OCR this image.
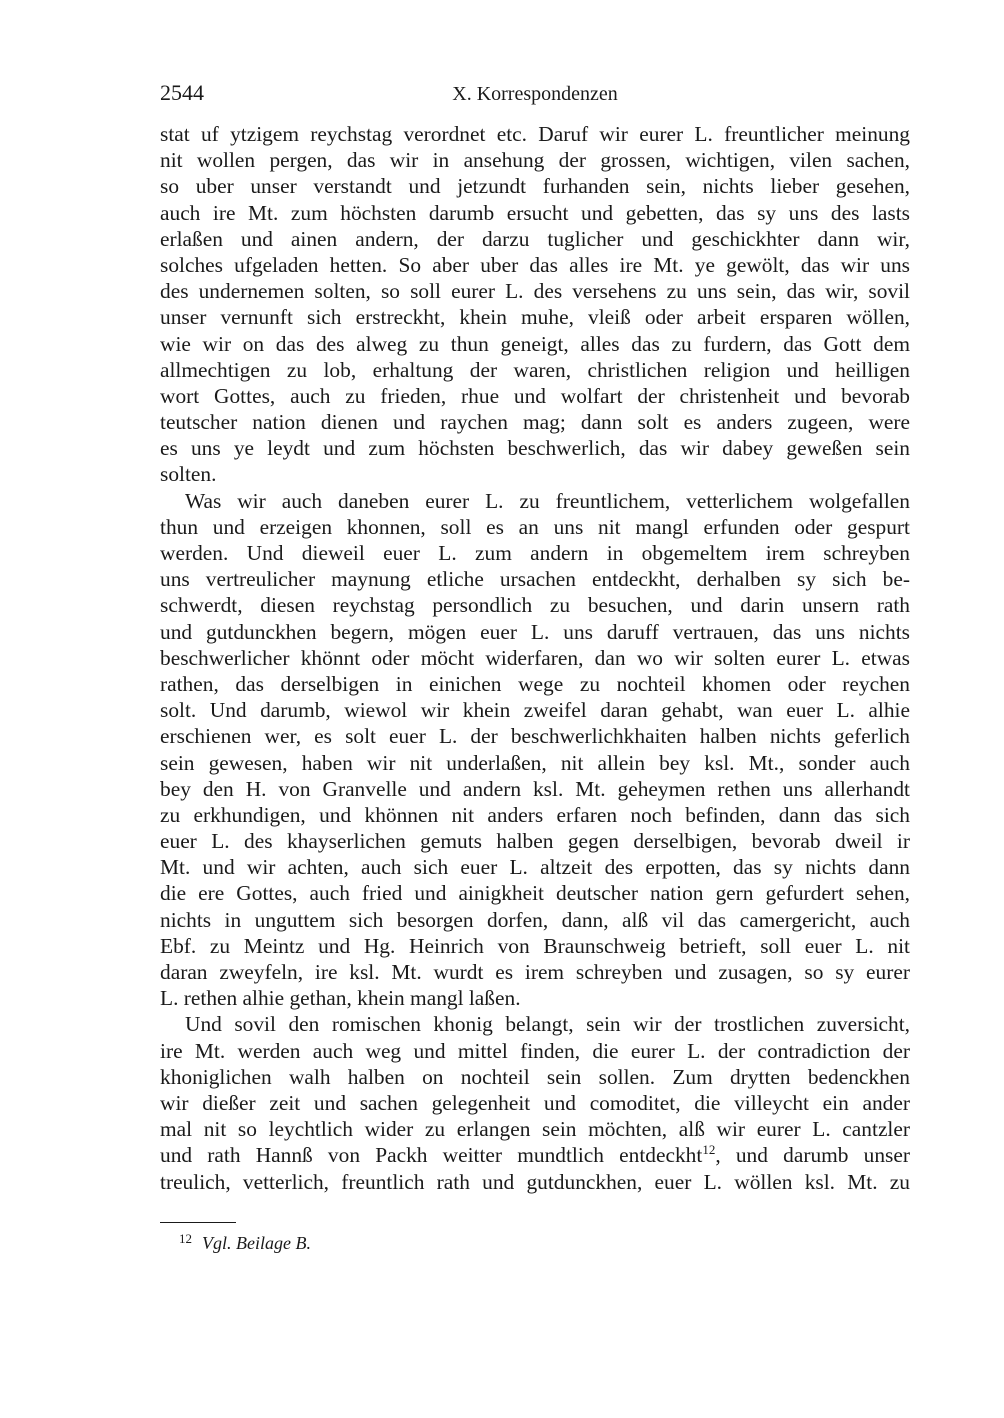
2544	X. Korrespondenzen
stat uf ytzigem reychstag verordnet etc. Daruf wir eurer L. freuntlicher meinung
nit wollen pergen, das wir in ansehung der grossen, wichtigen, vilen sachen,
so uber unser verstandt und jetzundt furhanden sein, nichts lieber gesehen,
auch ire Mt. zum höchsten darumb ersucht und gebetten, das sy uns des lasts
erlaßen und ainen andern, der darzu tuglicher und geschickhter dann wir,
solches ufgeladen hetten. So aber uber das alles ire Mt. ye gewölt, das wir uns
des undernemen solten, so soll eurer L. des versehens zu uns sein, das wir, sovil
unser vernunft sich erstreckht, khein muhe, vleiß oder arbeit ersparen wöllen,
wie wir on das des alweg zu thun geneigt, alles das zu furdern, das Gott dem
allmechtigen zu lob, erhaltung der waren, christlichen religion und heilligen
wort Gottes, auch zu frieden, rhue und wolfart der christenheit und bevorab
teutscher nation dienen und raychen mag; dann solt es anders zugeen, were
es uns ye leydt und zum höchsten beschwerlich, das wir dabey geweßen sein
solten.
Was wir auch daneben eurer L. zu freuntlichem, vetterlichem wolgefallen
thun und erzeigen khonnen, soll es an uns nit mangl erfunden oder gespurt
werden. Und dieweil euer L. zum andern in obgemeltem irem schreyben
uns vertreulicher maynung etliche ursachen entdeckht, derhalben sy sich be-
schwerdt, diesen reychstag persondlich zu besuchen, und darin unsern rath
und gutdunckhen begern, mögen euer L. uns daruff vertrauen, das uns nichts
beschwerlicher khönnt oder möcht widerfaren, dan wo wir solten eurer L. etwas
rathen, das derselbigen in einichen wege zu nochteil khomen oder reychen
solt. Und darumb, wiewol wir khein zweifel daran gehabt, wan euer L. alhie
erschienen wer, es solt euer L. der beschwerlichkhaiten halben nichts geferlich
sein gewesen, haben wir nit underlaßen, nit allein bey ksl. Mt., sonder auch
bey den H. von Granvelle und andern ksl. Mt. geheymen rethen uns allerhandt
zu erkhundigen, und khönnen nit anders erfaren noch befinden, dann das sich
euer L. des khayserlichen gemuts halben gegen derselbigen, bevorab dweil ir
Mt. und wir achten, auch sich euer L. altzeit des erpotten, das sy nichts dann
die ere Gottes, auch fried und ainigkheit deutscher nation gern gefurdert sehen,
nichts in unguttem sich besorgen dorfen, dann, alß vil das camergericht, auch
Ebf. zu Meintz und Hg. Heinrich von Braunschweig betrieft, soll euer L. nit
daran zweyfeln, ire ksl. Mt. wurdt es irem schreyben und zusagen, so sy eurer
L. rethen alhie gethan, khein mangl laßen.
Und sovil den romischen khonig belangt, sein wir der trostlichen zuversicht,
ire Mt. werden auch weg und mittel finden, die eurer L. der contradiction der
khoniglichen walh halben on nochteil sein sollen. Zum drytten bedenckhen
wir dießer zeit und sachen gelegenheit und comoditet, die villeycht ein ander
mal nit so leychtlich wider zu erlangen sein möchten, alß wir eurer L. cantzler
und rath Hannß von Packh weitter mundtlich entdeckht$^{12}$, und darumb unser
treulich, vetterlich, freuntlich rath und gutdunckhen, euer L. wöllen ksl. Mt. zu
$^{12}$ Vgl. Beilage B.
